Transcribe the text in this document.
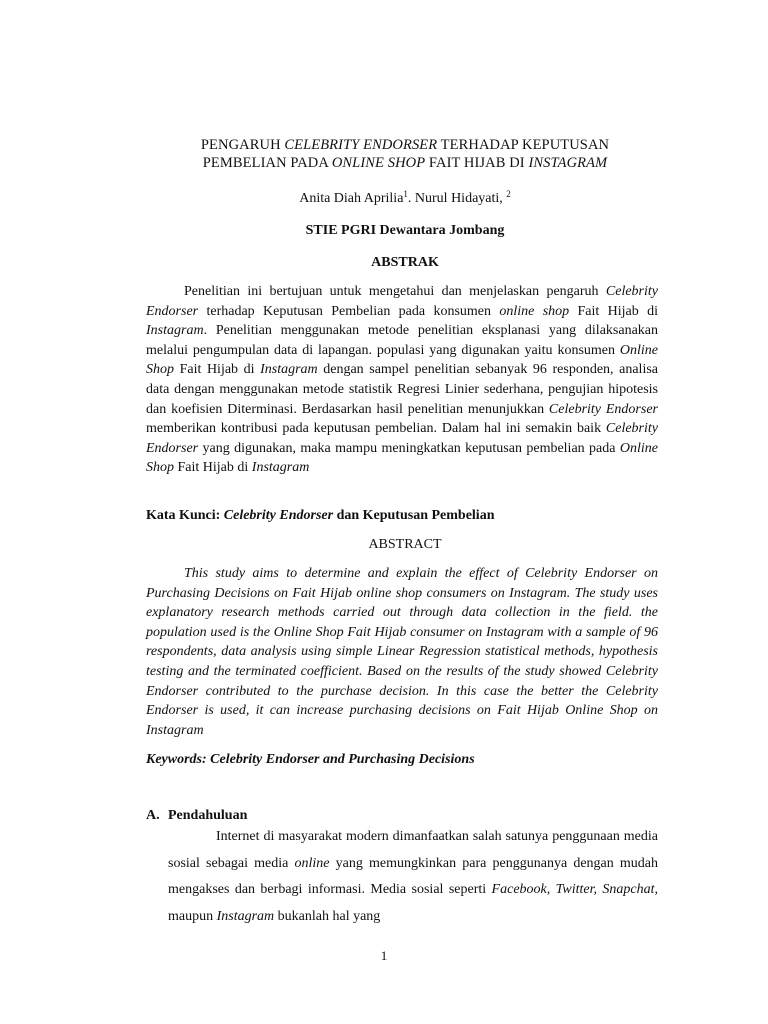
PENGARUH CELEBRITY ENDORSER TERHADAP KEPUTUSAN
PEMBELIAN PADA ONLINE SHOP FAIT HIJAB DI INSTAGRAM
Anita Diah Aprilia$^1$. Nurul Hidayati, $^2$
STIE PGRI Dewantara Jombang
ABSTRAK

Penelitian ini bertujuan untuk mengetahui dan menjelaskan pengaruh Celebrity Endorser terhadap Keputusan Pembelian pada konsumen online shop Fait Hijab di Instagram. Penelitian menggunakan metode penelitian eksplanasi yang dilaksanakan melalui pengumpulan data di lapangan. populasi yang digunakan yaitu konsumen Online Shop Fait Hijab di Instagram dengan sampel penelitian sebanyak 96 responden, analisa data dengan menggunakan metode statistik Regresi Linier sederhana, pengujian hipotesis dan koefisien Diterminasi. Berdasarkan hasil penelitian menunjukkan Celebrity Endorser memberikan kontribusi pada keputusan pembelian. Dalam hal ini semakin baik Celebrity Endorser yang digunakan, maka mampu meningkatkan keputusan pembelian pada Online Shop Fait Hijab di Instagram

Kata Kunci: Celebrity Endorser dan Keputusan Pembelian
ABSTRACT

This study aims to determine and explain the effect of Celebrity Endorser on Purchasing Decisions on Fait Hijab online shop consumers on Instagram. The study uses explanatory research methods carried out through data collection in the field. the population used is the Online Shop Fait Hijab consumer on Instagram with a sample of 96 respondents, data analysis using simple Linear Regression statistical methods, hypothesis testing and the terminated coefficient. Based on the results of the study showed Celebrity Endorser contributed to the purchase decision. In this case the better the Celebrity Endorser is used, it can increase purchasing decisions on Fait Hijab Online Shop on Instagram

Keywords: Celebrity Endorser and Purchasing Decisions
A. Pendahuluan

Internet di masyarakat modern dimanfaatkan salah satunya penggunaan media sosial sebagai media online yang memungkinkan para penggunanya dengan mudah mengakses dan berbagi informasi. Media sosial seperti Facebook, Twitter, Snapchat, maupun Instagram bukanlah hal yang

1
